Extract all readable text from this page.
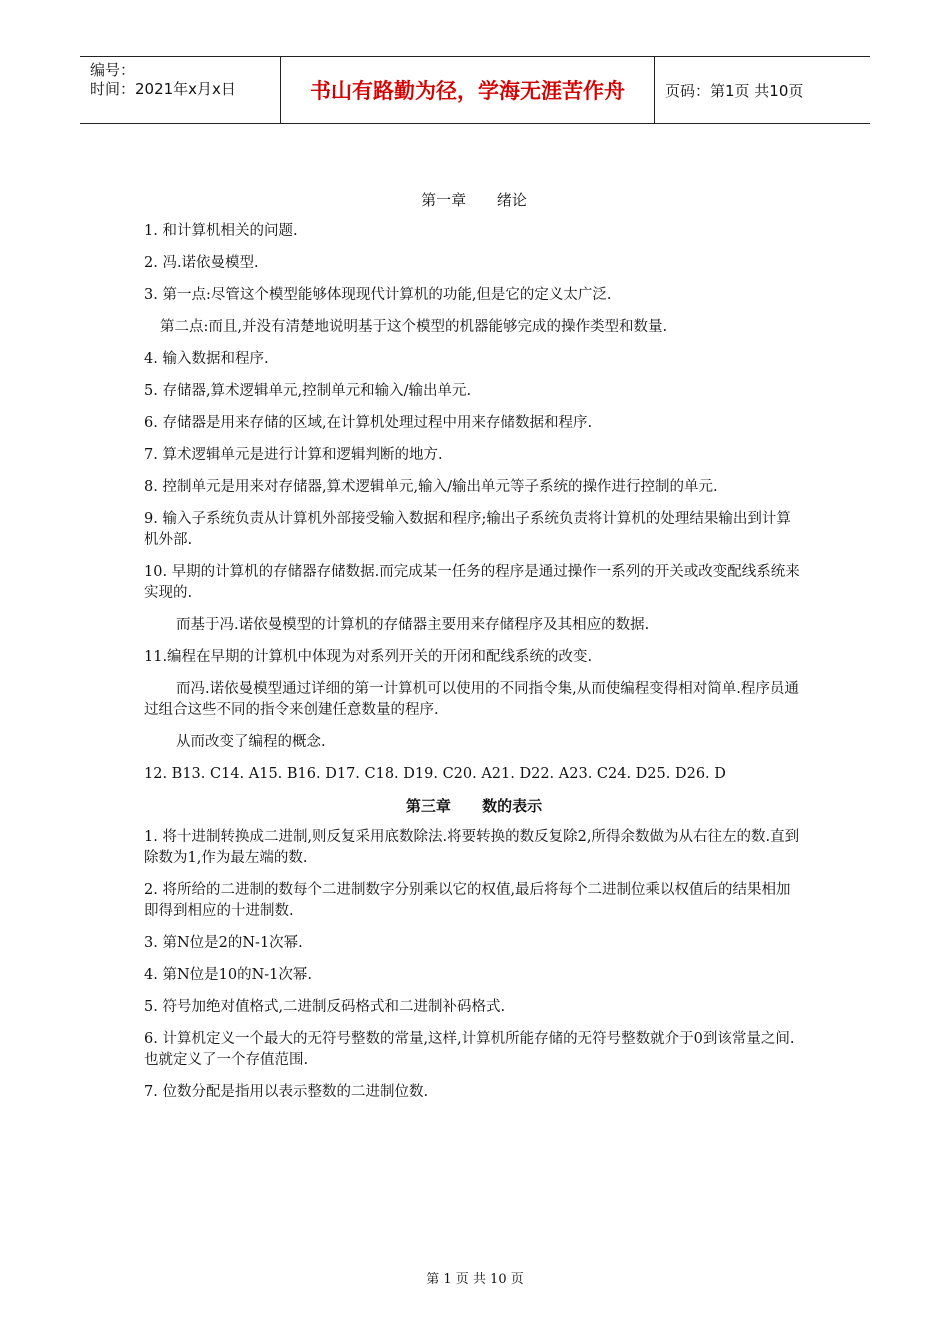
编号：
时间：2021年x月x日	书山有路勤为径，学海无涯苦作舟	页码：第1页 共10页
第一章 绪论
1. 和计算机相关的问题.
2. 冯.诺依曼模型.
3. 第一点:尽管这个模型能够体现现代计算机的功能,但是它的定义太广泛.
第二点:而且,并没有清楚地说明基于这个模型的机器能够完成的操作类型和数量.
4. 输入数据和程序.
5. 存储器,算术逻辑单元,控制单元和输入/输出单元.
6. 存储器是用来存储的区域,在计算机处理过程中用来存储数据和程序.
7. 算术逻辑单元是进行计算和逻辑判断的地方.
8. 控制单元是用来对存储器,算术逻辑单元,输入/输出单元等子系统的操作进行控制的单元.
9. 输入子系统负责从计算机外部接受输入数据和程序;输出子系统负责将计算机的处理结果输出到计算机外部.
10. 早期的计算机的存储器存储数据.而完成某一任务的程序是通过操作一系列的开关或改变配线系统来实现的.
而基于冯.诺依曼模型的计算机的存储器主要用来存储程序及其相应的数据.
11.编程在早期的计算机中体现为对系列开关的开闭和配线系统的改变.
而冯.诺依曼模型通过详细的第一计算机可以使用的不同指令集,从而使编程变得相对简单.程序员通过组合这些不同的指令来创建任意数量的程序.
从而改变了编程的概念.
12. B13. C14. A15. B16. D17. C18. D19. C20. A21. D22. A23. C24. D25. D26. D
第三章 数的表示
1. 将十进制转换成二进制,则反复采用底数除法.将要转换的数反复除2,所得余数做为从右往左的数.直到除数为1,作为最左端的数.
2. 将所给的二进制的数每个二进制数字分别乘以它的权值,最后将每个二进制位乘以权值后的结果相加即得到相应的十进制数.
3. 第N位是2的N-1次幂.
4. 第N位是10的N-1次幂.
5. 符号加绝对值格式,二进制反码格式和二进制补码格式.
6. 计算机定义一个最大的无符号整数的常量,这样,计算机所能存储的无符号整数就介于0到该常量之间.也就定义了一个存值范围.
7. 位数分配是指用以表示整数的二进制位数.
第 1 页 共 10 页
